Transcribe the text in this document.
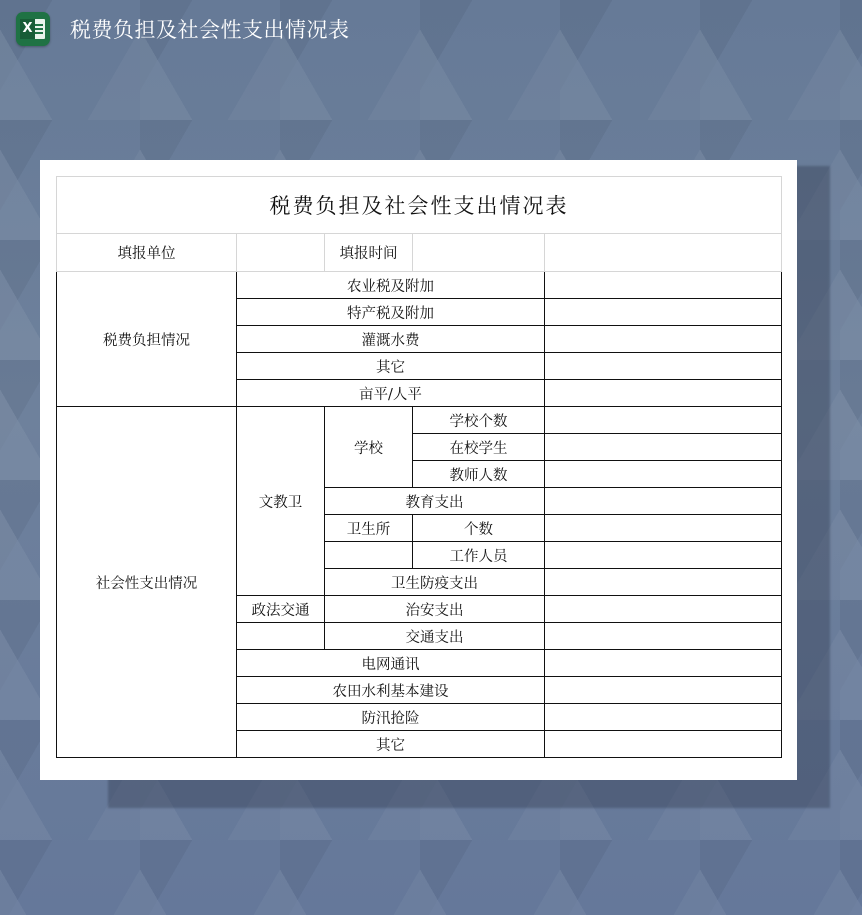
X 税费负担及社会性支出情况表
税费负担及社会性支出情况表				
填报单位		填报时间		
税费负担情况	农业税及附加			
	特产税及附加			
	灌溉水费			
	其它			
	亩平/人平			
社会性支出情况	文教卫	学校	学校个数	
			在校学生	
			教师人数	
		教育支出		
		卫生所	个数	
			工作人员	
		卫生防疫支出		
	政法交通	治安支出		
		交通支出		
	电网通讯			
	农田水利基本建设			
	防汛抢险			
	其它			
